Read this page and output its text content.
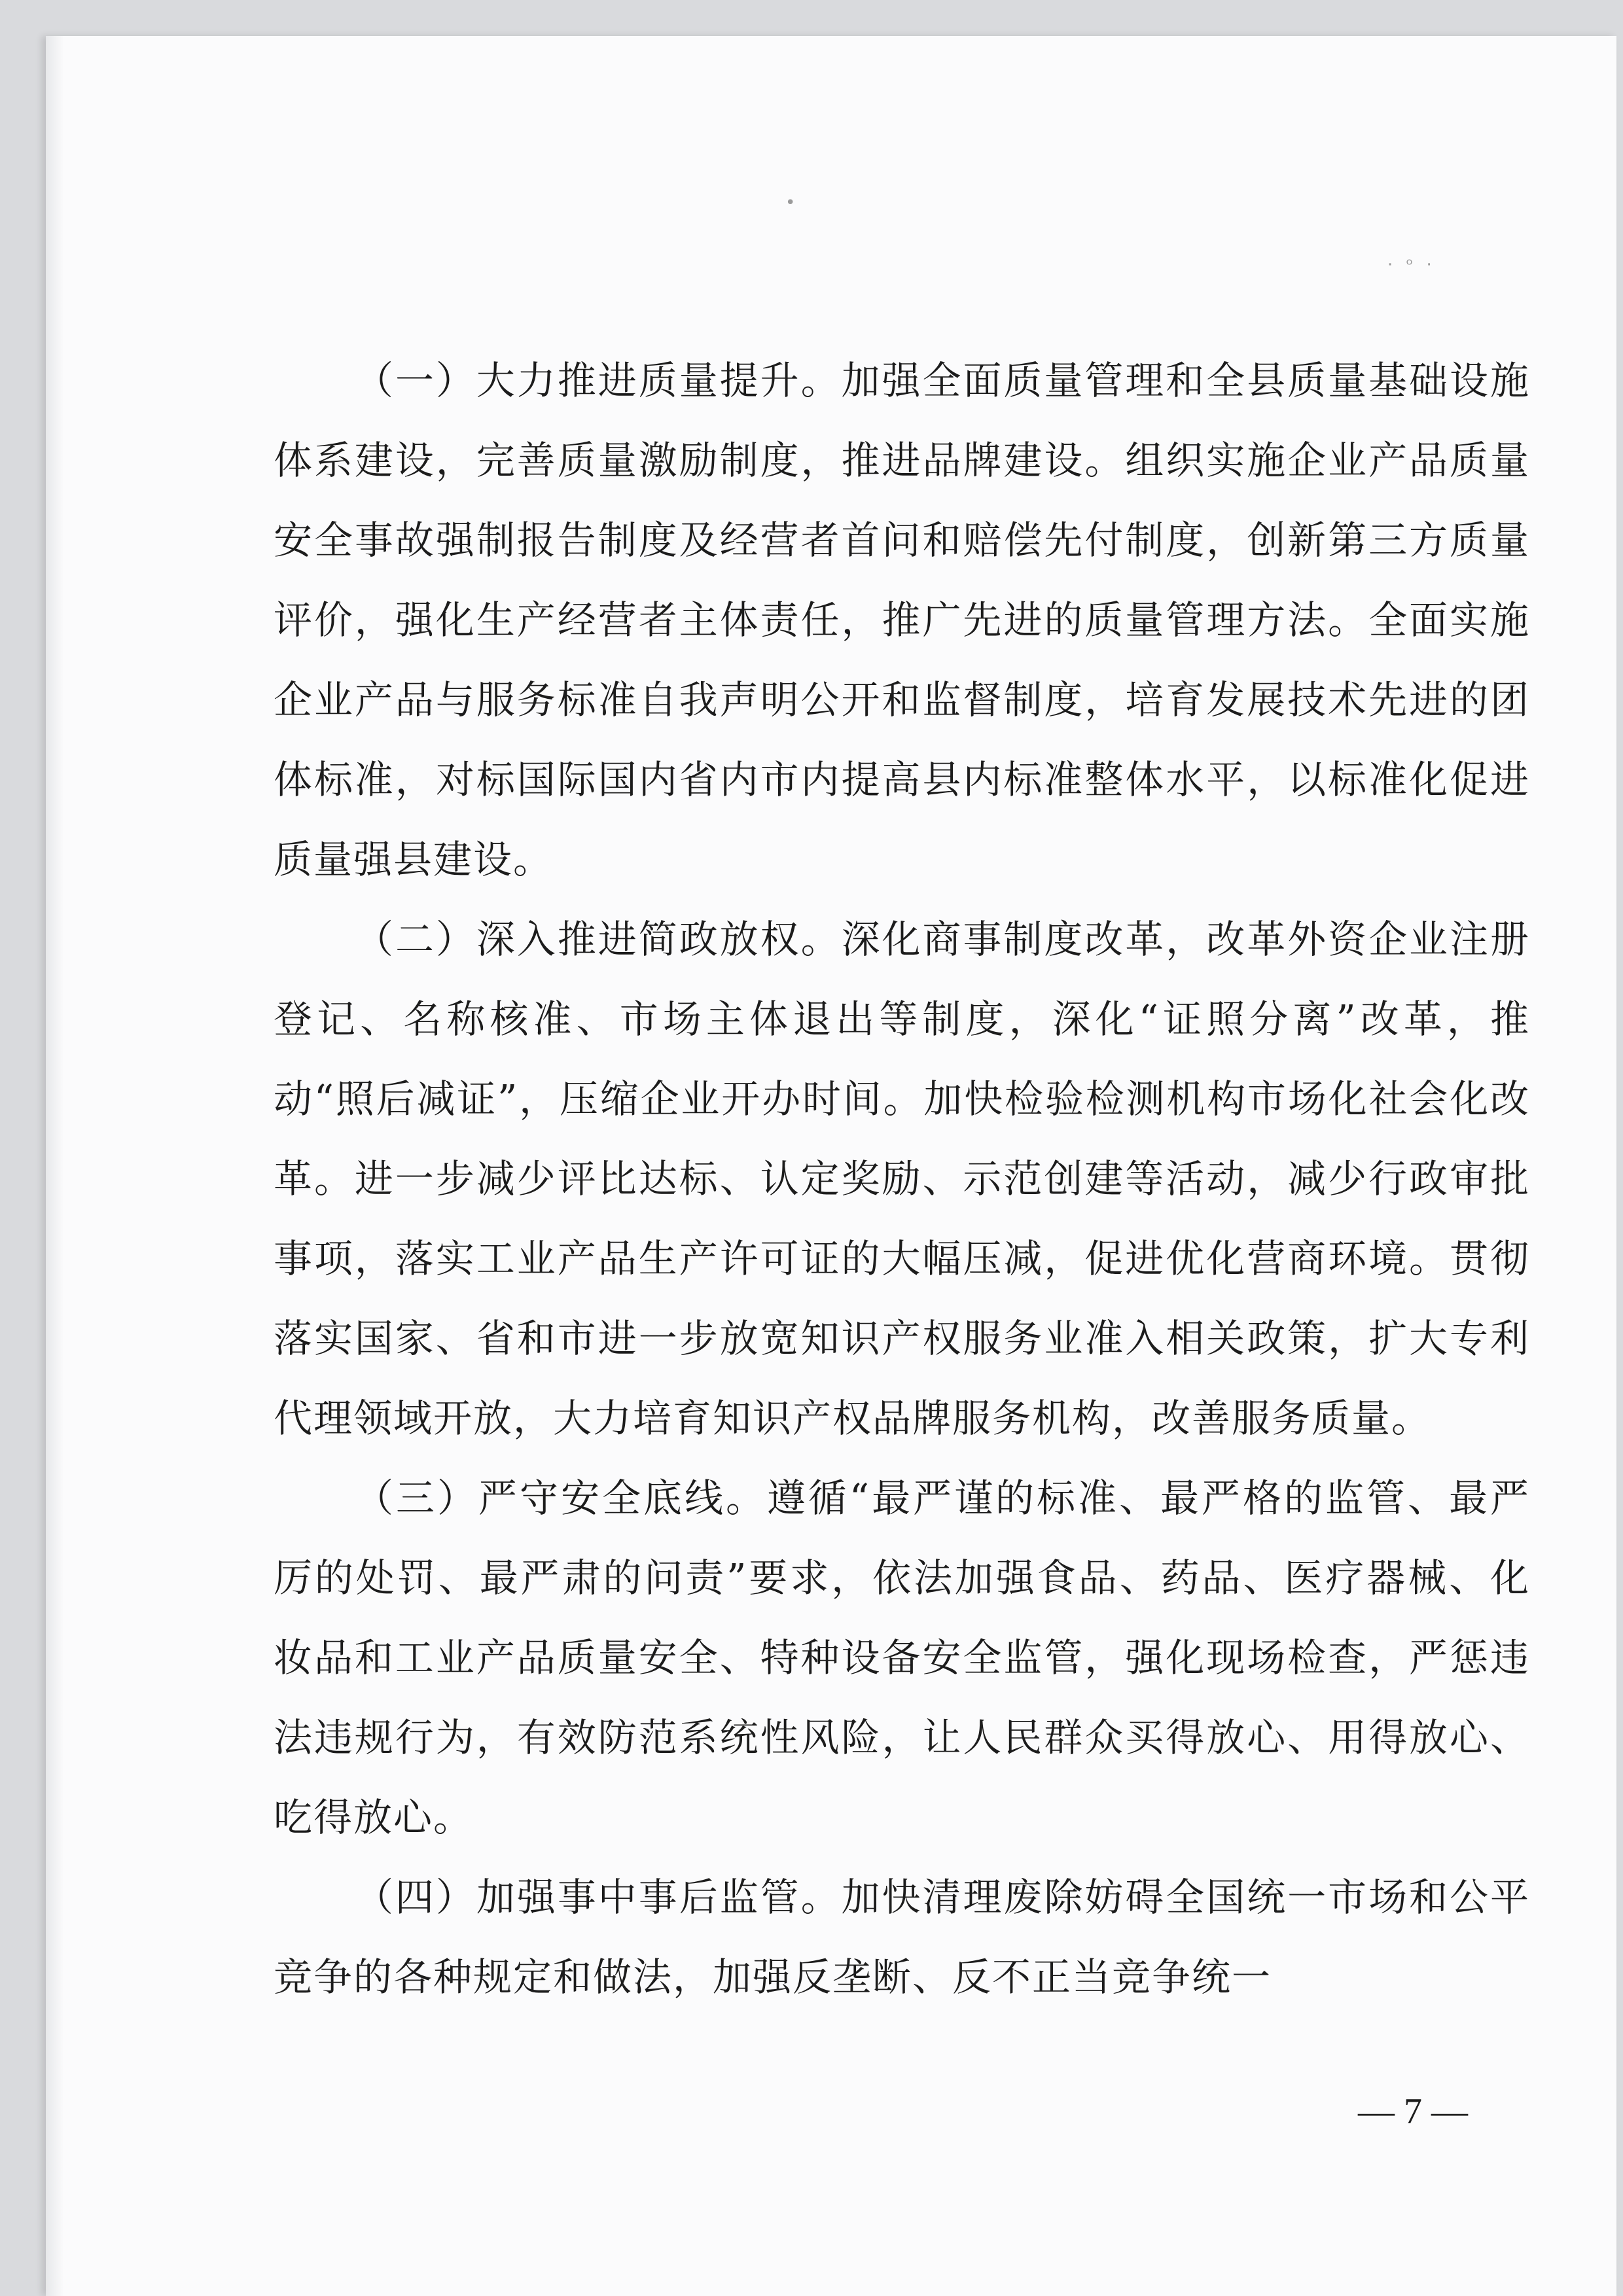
•
· ᵒ ·

（一）大力推进质量提升。加强全面质量管理和全县质量基础设施体系建设，完善质量激励制度，推进品牌建设。组织实施企业产品质量安全事故强制报告制度及经营者首问和赔偿先付制度，创新第三方质量评价，强化生产经营者主体责任，推广先进的质量管理方法。全面实施企业产品与服务标准自我声明公开和监督制度，培育发展技术先进的团体标准，对标国际国内省内市内提高县内标准整体水平，以标准化促进质量强县建设。

（二）深入推进简政放权。深化商事制度改革，改革外资企业注册登记、名称核准、市场主体退出等制度，深化“证照分离”改革，推动“照后减证”，压缩企业开办时间。加快检验检测机构市场化社会化改革。进一步减少评比达标、认定奖励、示范创建等活动，减少行政审批事项，落实工业产品生产许可证的大幅压减，促进优化营商环境。贯彻落实国家、省和市进一步放宽知识产权服务业准入相关政策，扩大专利代理领域开放，大力培育知识产权品牌服务机构，改善服务质量。

（三）严守安全底线。遵循“最严谨的标准、最严格的监管、最严厉的处罚、最严肃的问责”要求，依法加强食品、药品、医疗器械、化妆品和工业产品质量安全、特种设备安全监管，强化现场检查，严惩违法违规行为，有效防范系统性风险，让人民群众买得放心、用得放心、吃得放心。

（四）加强事中事后监管。加快清理废除妨碍全国统一市场和公平竞争的各种规定和做法，加强反垄断、反不正当竞争统一

— 7 —
